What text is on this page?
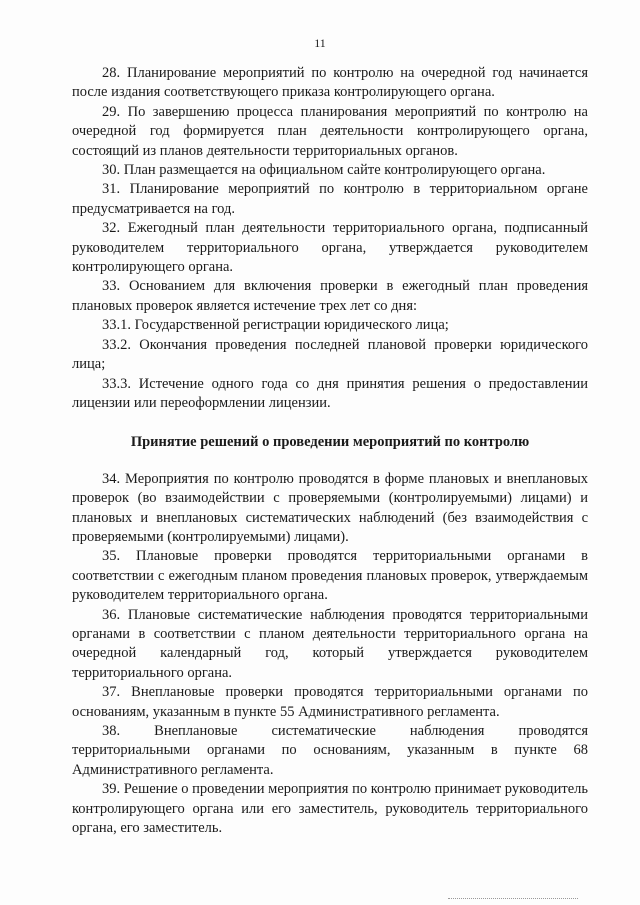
11

28. Планирование мероприятий по контролю на очередной год начинается после издания соответствующего приказа контролирующего органа.

29. По завершению процесса планирования мероприятий по контролю на очередной год формируется план деятельности контролирующего органа, состоящий из планов деятельности территориальных органов.

30. План размещается на официальном сайте контролирующего органа.

31. Планирование мероприятий по контролю в территориальном органе предусматривается на год.

32. Ежегодный план деятельности территориального органа, подписанный руководителем территориального органа, утверждается руководителем контролирующего органа.

33. Основанием для включения проверки в ежегодный план проведения плановых проверок является истечение трех лет со дня:

33.1. Государственной регистрации юридического лица;

33.2. Окончания проведения последней плановой проверки юридического лица;

33.3. Истечение одного года со дня принятия решения о предоставлении лицензии или переоформлении лицензии.

Принятие решений о проведении мероприятий по контролю

34. Мероприятия по контролю проводятся в форме плановых и внеплановых проверок (во взаимодействии с проверяемыми (контролируемыми) лицами) и плановых и внеплановых систематических наблюдений (без взаимодействия с проверяемыми (контролируемыми) лицами).

35. Плановые проверки проводятся территориальными органами в соответствии с ежегодным планом проведения плановых проверок, утверждаемым руководителем территориального органа.

36. Плановые систематические наблюдения проводятся территориальными органами в соответствии с планом деятельности территориального органа на очередной календарный год, который утверждается руководителем территориального органа.

37. Внеплановые проверки проводятся территориальными органами по основаниям, указанным в пункте 55 Административного регламента.

38. Внеплановые систематические наблюдения проводятся территориальными органами по основаниям, указанным в пункте 68 Административного регламента.

39. Решение о проведении мероприятия по контролю принимает руководитель контролирующего органа или его заместитель, руководитель территориального органа, его заместитель.
